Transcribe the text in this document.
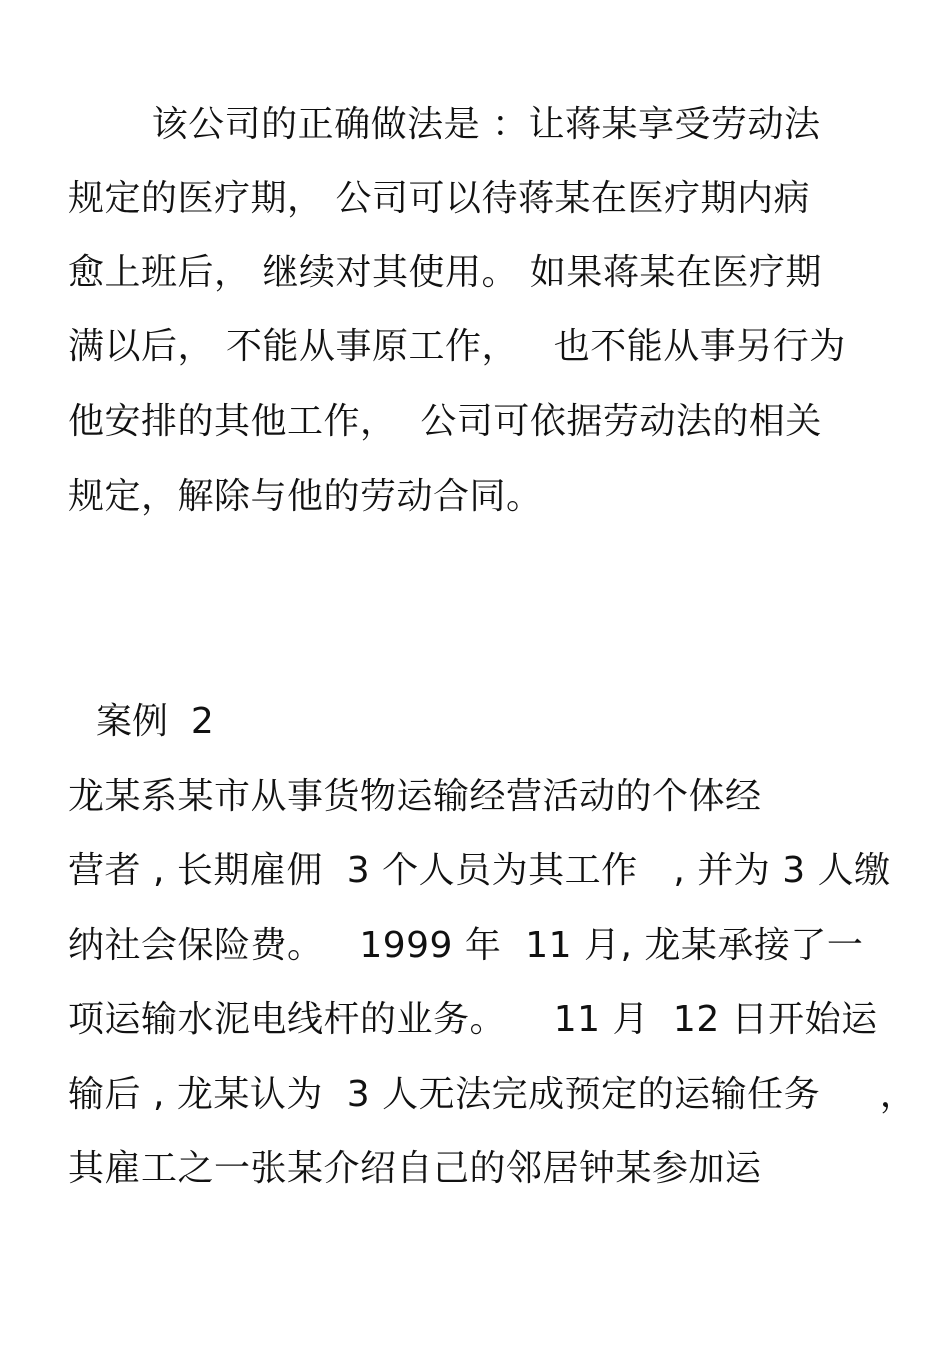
该公司的正确做法是 ：让蒋某享受劳动法
规定的医疗期， 公司可以待蒋某在医疗期内病
愈上班后， 继续对其使用。 如果蒋某在医疗期
满以后， 不能从事原工作，   也不能从事另行为
他安排的其他工作，  公司可依据劳动法的相关
规定，解除与他的劳动合同。
案例  2
龙某系某市从事货物运输经营活动的个体经
营者 , 长期雇佣  3 个人员为其工作   , 并为 3 人缴
纳社会保险费。   1999 年  11 月, 龙某承接了一
项运输水泥电线杆的业务。    11 月  12 日开始运
输后 , 龙某认为  3 人无法完成预定的运输任务     ，
其雇工之一张某介绍自己的邻居钟某参加运
